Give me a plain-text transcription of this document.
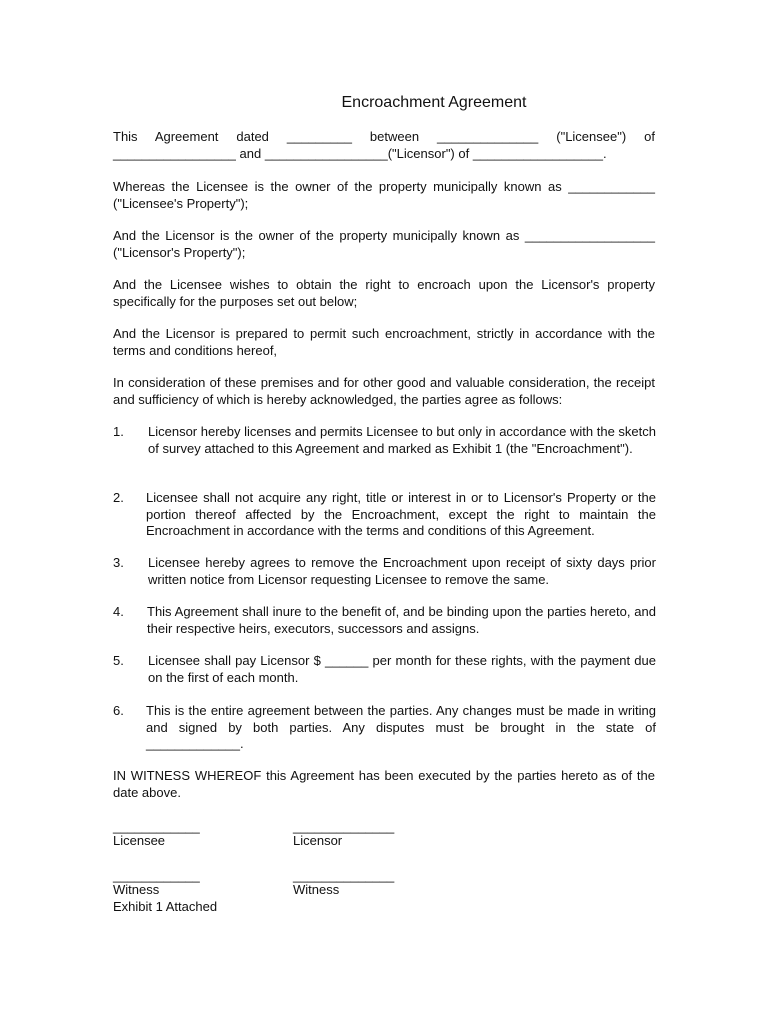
Encroachment Agreement
This Agreement dated _________ between ______________ ("Licensee") of _________________ and _________________("Licensor") of __________________.
Whereas the Licensee is the owner of the property municipally known as ____________ ("Licensee's Property");
And the Licensor is the owner of the property municipally known as __________________ ("Licensor's Property");
And the Licensee wishes to obtain the right to encroach upon the Licensor's property specifically for the purposes set out below;
And the Licensor is prepared to permit such encroachment, strictly in accordance with the terms and conditions hereof,
In consideration of these premises and for other good and valuable consideration, the receipt and sufficiency of which is hereby acknowledged, the parties agree as follows:
1. Licensor hereby licenses and permits Licensee to but only in accordance with the sketch of survey attached to this Agreement and marked as Exhibit 1 (the "Encroachment").
2. Licensee shall not acquire any right, title or interest in or to Licensor's Property or the portion thereof affected by the Encroachment, except the right to maintain the Encroachment in accordance with the terms and conditions of this Agreement.
3. Licensee hereby agrees to remove the Encroachment upon receipt of sixty days prior written notice from Licensor requesting Licensee to remove the same.
4. This Agreement shall inure to the benefit of, and be binding upon the parties hereto, and their respective heirs, executors, successors and assigns.
5. Licensee shall pay Licensor $ ______ per month for these rights, with the payment due on the first of each month.
6. This is the entire agreement between the parties. Any changes must be made in writing and signed by both parties. Any disputes must be brought in the state of _____________.
IN WITNESS WHEREOF this Agreement has been executed by the parties hereto as of the date above.
____________
Licensee
______________
Licensor
____________
Witness
______________
Witness
Exhibit 1 Attached
